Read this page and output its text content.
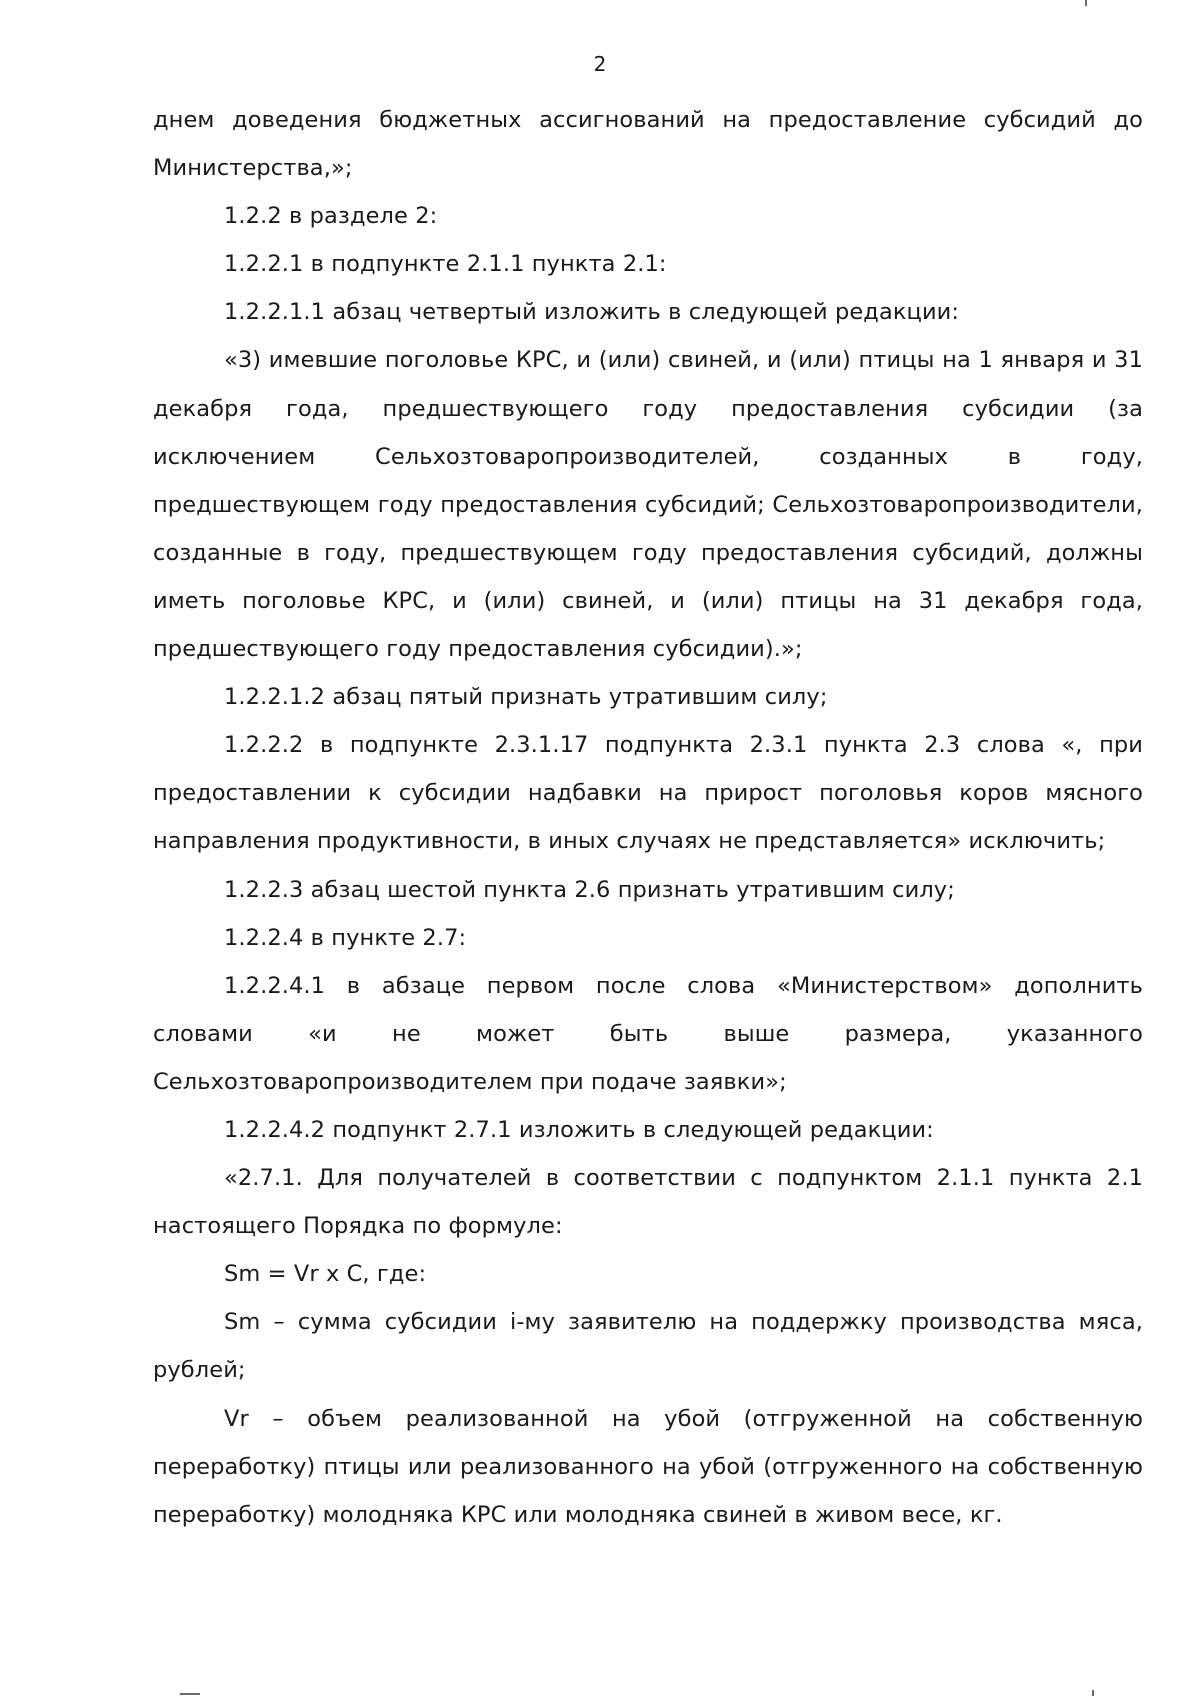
2

днем доведения бюджетных ассигнований на предоставление субсидий до Министерства,»;

1.2.2 в разделе 2:

1.2.2.1 в подпункте 2.1.1 пункта 2.1:

1.2.2.1.1 абзац четвертый изложить в следующей редакции:

«3) имевшие поголовье КРС, и (или) свиней, и (или) птицы на 1 января и 31 декабря года, предшествующего году предоставления субсидии (за исключением Сельхозтоваропроизводителей, созданных в году, предшествующем году предоставления субсидий; Сельхозтоваропроизводители, созданные в году, предшествующем году предоставления субсидий, должны иметь поголовье КРС, и (или) свиней, и (или) птицы на 31 декабря года, предшествующего году предоставления субсидии).»;

1.2.2.1.2 абзац пятый признать утратившим силу;

1.2.2.2 в подпункте 2.3.1.17 подпункта 2.3.1 пункта 2.3 слова «, при предоставлении к субсидии надбавки на прирост поголовья коров мясного направления продуктивности, в иных случаях не представляется» исключить;

1.2.2.3 абзац шестой пункта 2.6 признать утратившим силу;

1.2.2.4 в пункте 2.7:

1.2.2.4.1 в абзаце первом после слова «Министерством» дополнить словами «и не может быть выше размера, указанного Сельхозтоваропроизводителем при подаче заявки»;

1.2.2.4.2 подпункт 2.7.1 изложить в следующей редакции:

«2.7.1. Для получателей в соответствии с подпунктом 2.1.1 пункта 2.1 настоящего Порядка по формуле:

Sm = Vr x C, где:

Sm – сумма субсидии i-му заявителю на поддержку производства мяса, рублей;

Vr – объем реализованной на убой (отгруженной на собственную переработку) птицы или реализованного на убой (отгруженного на собственную переработку) молодняка КРС или молодняка свиней в живом весе, кг.
